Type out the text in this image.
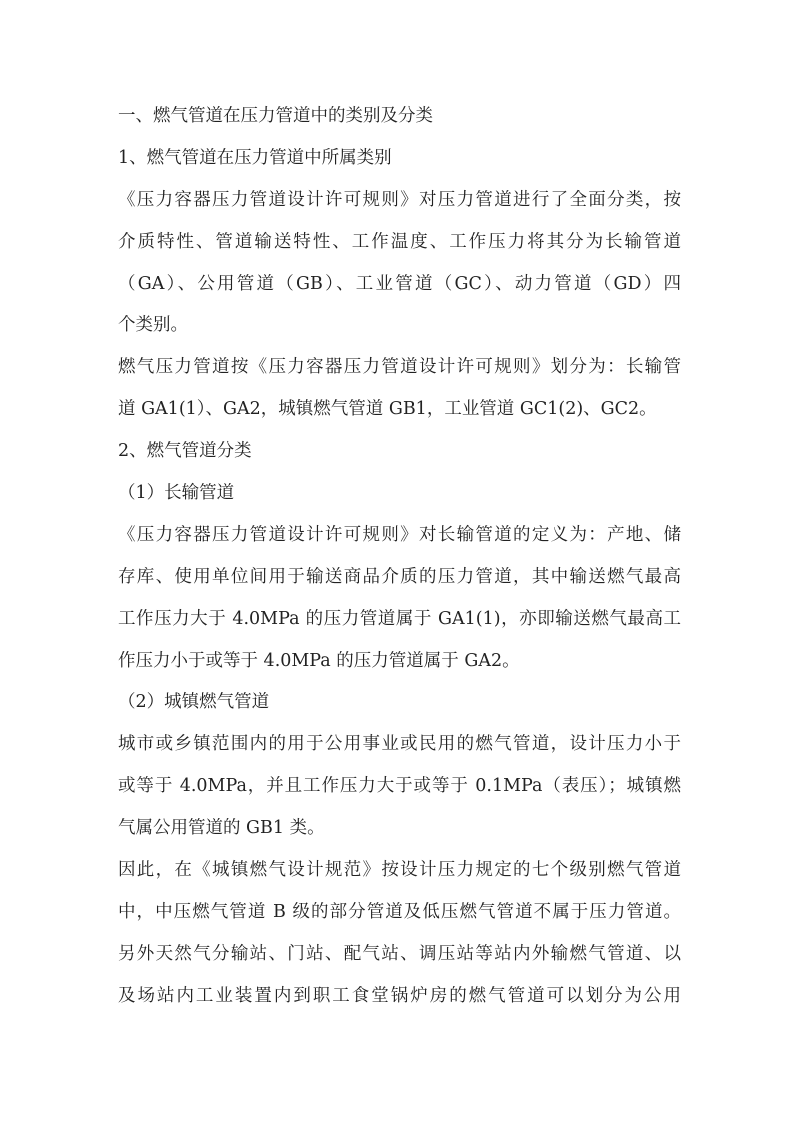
一、燃气管道在压力管道中的类别及分类
1、燃气管道在压力管道中所属类别
《压力容器压力管道设计许可规则》对压力管道进行了全面分类，按
介质特性、管道输送特性、工作温度、工作压力将其分为长输管道
（GA）、公用管道（GB）、工业管道（GC）、动力管道（GD）四
个类别。
燃气压力管道按《压力容器压力管道设计许可规则》划分为：长输管
道 GA1(1）、GA2，城镇燃气管道 GB1，工业管道 GC1(2)、GC2。
2、燃气管道分类
（1）长输管道
《压力容器压力管道设计许可规则》对长输管道的定义为：产地、储
存库、使用单位间用于输送商品介质的压力管道，其中输送燃气最高
工作压力大于 4.0MPa 的压力管道属于 GA1(1)，亦即输送燃气最高工
作压力小于或等于 4.0MPa 的压力管道属于 GA2。
（2）城镇燃气管道
城市或乡镇范围内的用于公用事业或民用的燃气管道，设计压力小于
或等于 4.0MPa，并且工作压力大于或等于 0.1MPa（表压）；城镇燃
气属公用管道的 GB1 类。
因此，在《城镇燃气设计规范》按设计压力规定的七个级别燃气管道
中，中压燃气管道 B 级的部分管道及低压燃气管道不属于压力管道。
另外天然气分输站、门站、配气站、调压站等站内外输燃气管道、以
及场站内工业装置内到职工食堂锅炉房的燃气管道可以划分为公用
